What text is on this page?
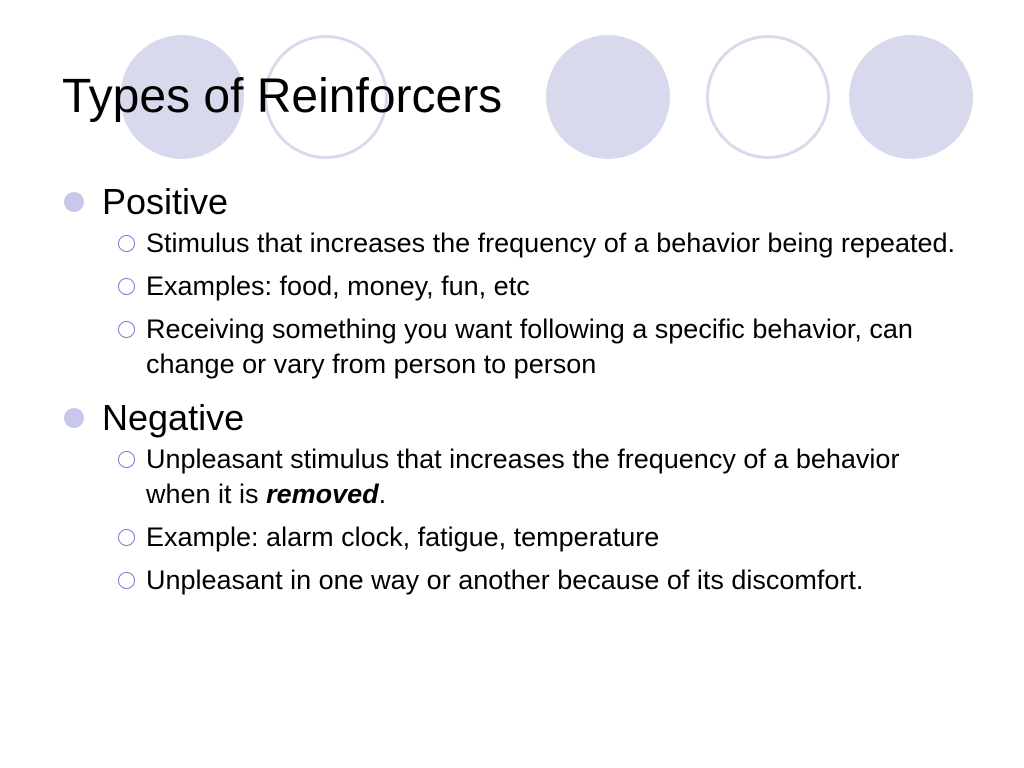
Types of Reinforcers
Positive
Stimulus that increases the frequency of a behavior being repeated.
Examples: food, money, fun, etc
Receiving something you want following a specific behavior, can change or vary from person to person
Negative
Unpleasant stimulus that increases the frequency of a behavior when it is removed.
Example: alarm clock, fatigue, temperature
Unpleasant in one way or another because of its discomfort.
